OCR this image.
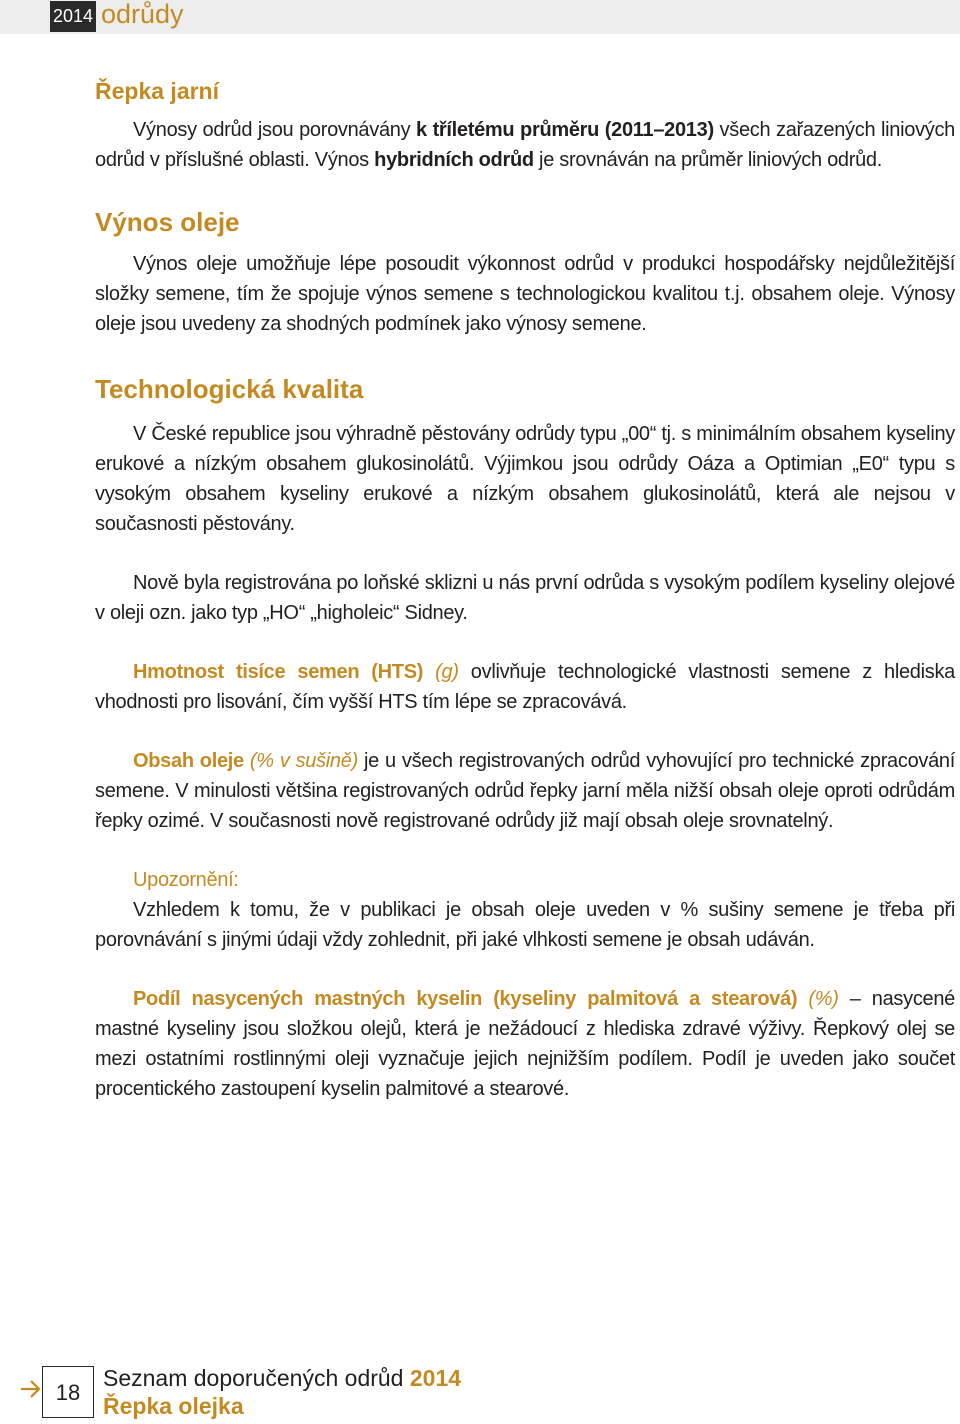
2014 odrůdy
Řepka jarní

Výnosy odrůd jsou porovnávány k tříletému průměru (2011–2013) všech zařazených liniových odrůd v příslušné oblasti. Výnos hybridních odrůd je srovnáván na průměr liniových odrůd.

Výnos oleje

Výnos oleje umožňuje lépe posoudit výkonnost odrůd v produkci hospodářsky nejdůležitější složky semene, tím že spojuje výnos semene s technologickou kvalitou t.j. obsahem oleje. Výnosy oleje jsou uvedeny za shodných podmínek jako výnosy semene.

Technologická kvalita

V České republice jsou výhradně pěstovány odrůdy typu „00“ tj. s minimálním obsahem kyseliny erukové a nízkým obsahem glukosinolátů. Výjimkou jsou odrůdy Oáza a Optimian „E0“ typu s vysokým obsahem kyseliny erukové a nízkým obsahem glukosinolátů, která ale nejsou v současnosti pěstovány.

Nově byla registrována po loňské sklizni u nás první odrůda s vysokým podílem kyseliny olejové v oleji ozn. jako typ „HO“ „higholeic“ Sidney.

Hmotnost tisíce semen (HTS) (g) ovlivňuje technologické vlastnosti semene z hlediska vhodnosti pro lisování, čím vyšší HTS tím lépe se zpracovává.

Obsah oleje (% v sušině) je u všech registrovaných odrůd vyhovující pro technické zpracování semene. V minulosti většina registrovaných odrůd řepky jarní měla nižší obsah oleje oproti odrůdám řepky ozimé. V současnosti nově registrované odrůdy již mají obsah oleje srovnatelný.

Upozornění:

Vzhledem k tomu, že v publikaci je obsah oleje uveden v % sušiny semene je třeba při porovnávání s jinými údaji vždy zohlednit, při jaké vlhkosti semene je obsah udáván.

Podíl nasycených mastných kyselin (kyseliny palmitová a stearová) (%) – nasycené mastné kyseliny jsou složkou olejů, která je nežádoucí z hlediska zdravé výživy. Řepkový olej se mezi ostatními rostlinnými oleji vyznačuje jejich nejnižším podílem. Podíl je uveden jako součet procentického zastoupení kyselin palmitové a stearové.

18
Seznam doporučených odrůd 2014
Řepka olejka
